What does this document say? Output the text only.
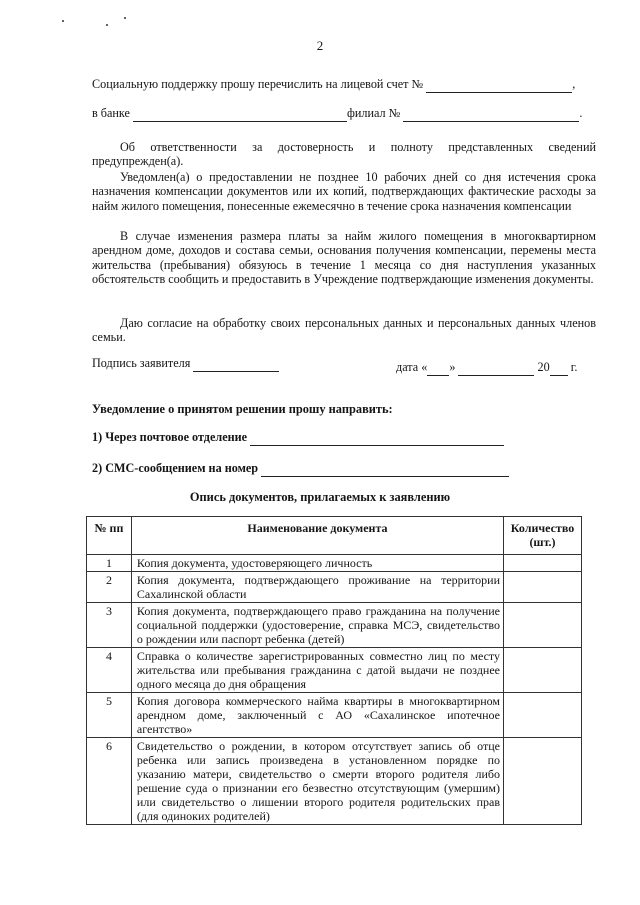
2
Социальную поддержку прошу перечислить на лицевой счет №	,
в банке	филиал №	.
Об ответственности за достоверность и полноту представленных сведений предупрежден(а).
Уведомлен(а) о предоставлении не позднее 10 рабочих дней со дня истечения срока назначения компенсации документов или их копий, подтверждающих фактические расходы за найм жилого помещения, понесенные ежемесячно в течение срока назначения компенсации
В случае изменения размера платы за найм жилого помещения в многоквартирном арендном доме, доходов и состава семьи, основания получения компенсации, перемены места жительства (пребывания) обязуюсь в течение 1 месяца со дня наступления указанных обстоятельств сообщить и предоставить в Учреждение подтверждающие изменения документы.
Даю согласие на обработку своих персональных данных и персональных данных членов семьи.
Подпись заявителя	дата « »	20 г.
Уведомление о принятом решении прошу направить:
1) Через почтовое отделение
2) СМС-сообщением на номер
Опись документов, прилагаемых к заявлению
№ пп	Наименование документа	Количество (шт.)
1	Копия документа, удостоверяющего личность	
2	Копия документа, подтверждающего проживание на территории Сахалинской области	
3	Копия документа, подтверждающего право гражданина на получение социальной поддержки (удостоверение, справка МСЭ, свидетельство о рождении или паспорт ребенка (детей)	
4	Справка о количестве зарегистрированных совместно лиц по месту жительства или пребывания гражданина с датой выдачи не позднее одного месяца до дня обращения	
5	Копия договора коммерческого найма квартиры в многоквартирном арендном доме, заключенный с АО «Сахалинское ипотечное агентство»	
6	Свидетельство о рождении, в котором отсутствует запись об отце ребенка или запись произведена в установленном порядке по указанию матери, свидетельство о смерти второго родителя либо решение суда о признании его безвестно отсутствующим (умершим) или свидетельство о лишении второго родителя родительских прав (для одиноких родителей)	
